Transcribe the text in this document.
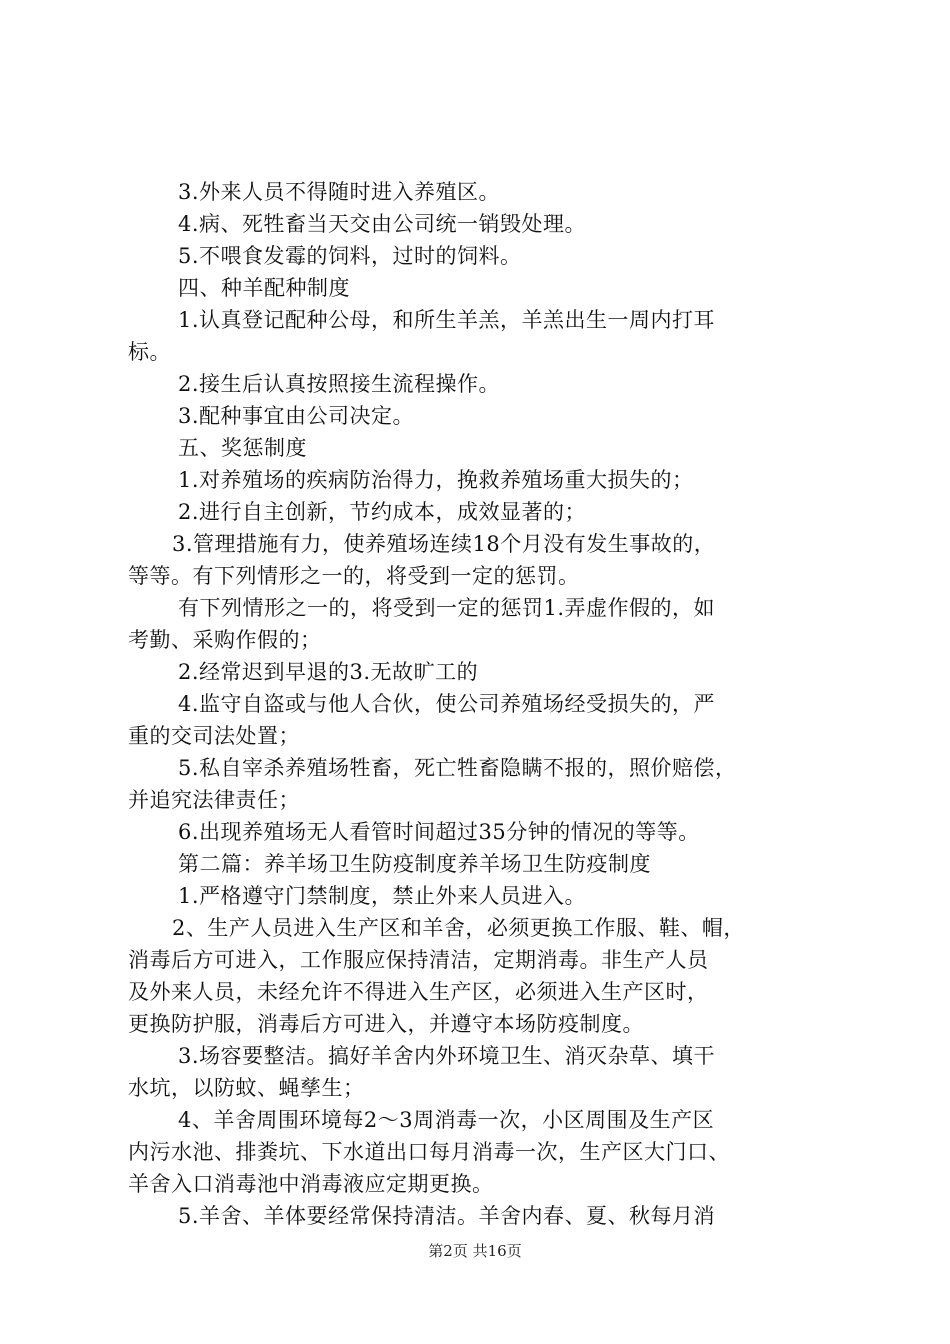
3.外来人员不得随时进入养殖区。
4.病、死牲畜当天交由公司统一销毁处理。
5.不喂食发霉的饲料，过时的饲料。
四、种羊配种制度
1.认真登记配种公母，和所生羊羔，羊羔出生一周内打耳
标。
2.接生后认真按照接生流程操作。
3.配种事宜由公司决定。
五、奖惩制度
1.对养殖场的疾病防治得力，挽救养殖场重大损失的；
2.进行自主创新，节约成本，成效显著的；
3.管理措施有力，使养殖场连续18个月没有发生事故的，
等等。有下列情形之一的，将受到一定的惩罚。
有下列情形之一的，将受到一定的惩罚1.弄虚作假的，如
考勤、采购作假的；
2.经常迟到早退的3.无故旷工的
4.监守自盗或与他人合伙，使公司养殖场经受损失的，严
重的交司法处置；
5.私自宰杀养殖场牲畜，死亡牲畜隐瞒不报的，照价赔偿，
并追究法律责任；
6.出现养殖场无人看管时间超过35分钟的情况的等等。
第二篇：养羊场卫生防疫制度养羊场卫生防疫制度
1.严格遵守门禁制度，禁止外来人员进入。
2、生产人员进入生产区和羊舍，必须更换工作服、鞋、帽，
消毒后方可进入，工作服应保持清洁，定期消毒。非生产人员
及外来人员，未经允许不得进入生产区，必须进入生产区时，
更换防护服，消毒后方可进入，并遵守本场防疫制度。
3.场容要整洁。搞好羊舍内外环境卫生、消灭杂草、填干
水坑，以防蚊、蝇孳生；
4、羊舍周围环境每2～3周消毒一次，小区周围及生产区
内污水池、排粪坑、下水道出口每月消毒一次，生产区大门口、
羊舍入口消毒池中消毒液应定期更换。
5.羊舍、羊体要经常保持清洁。羊舍内春、夏、秋每月消
第2页 共16页
